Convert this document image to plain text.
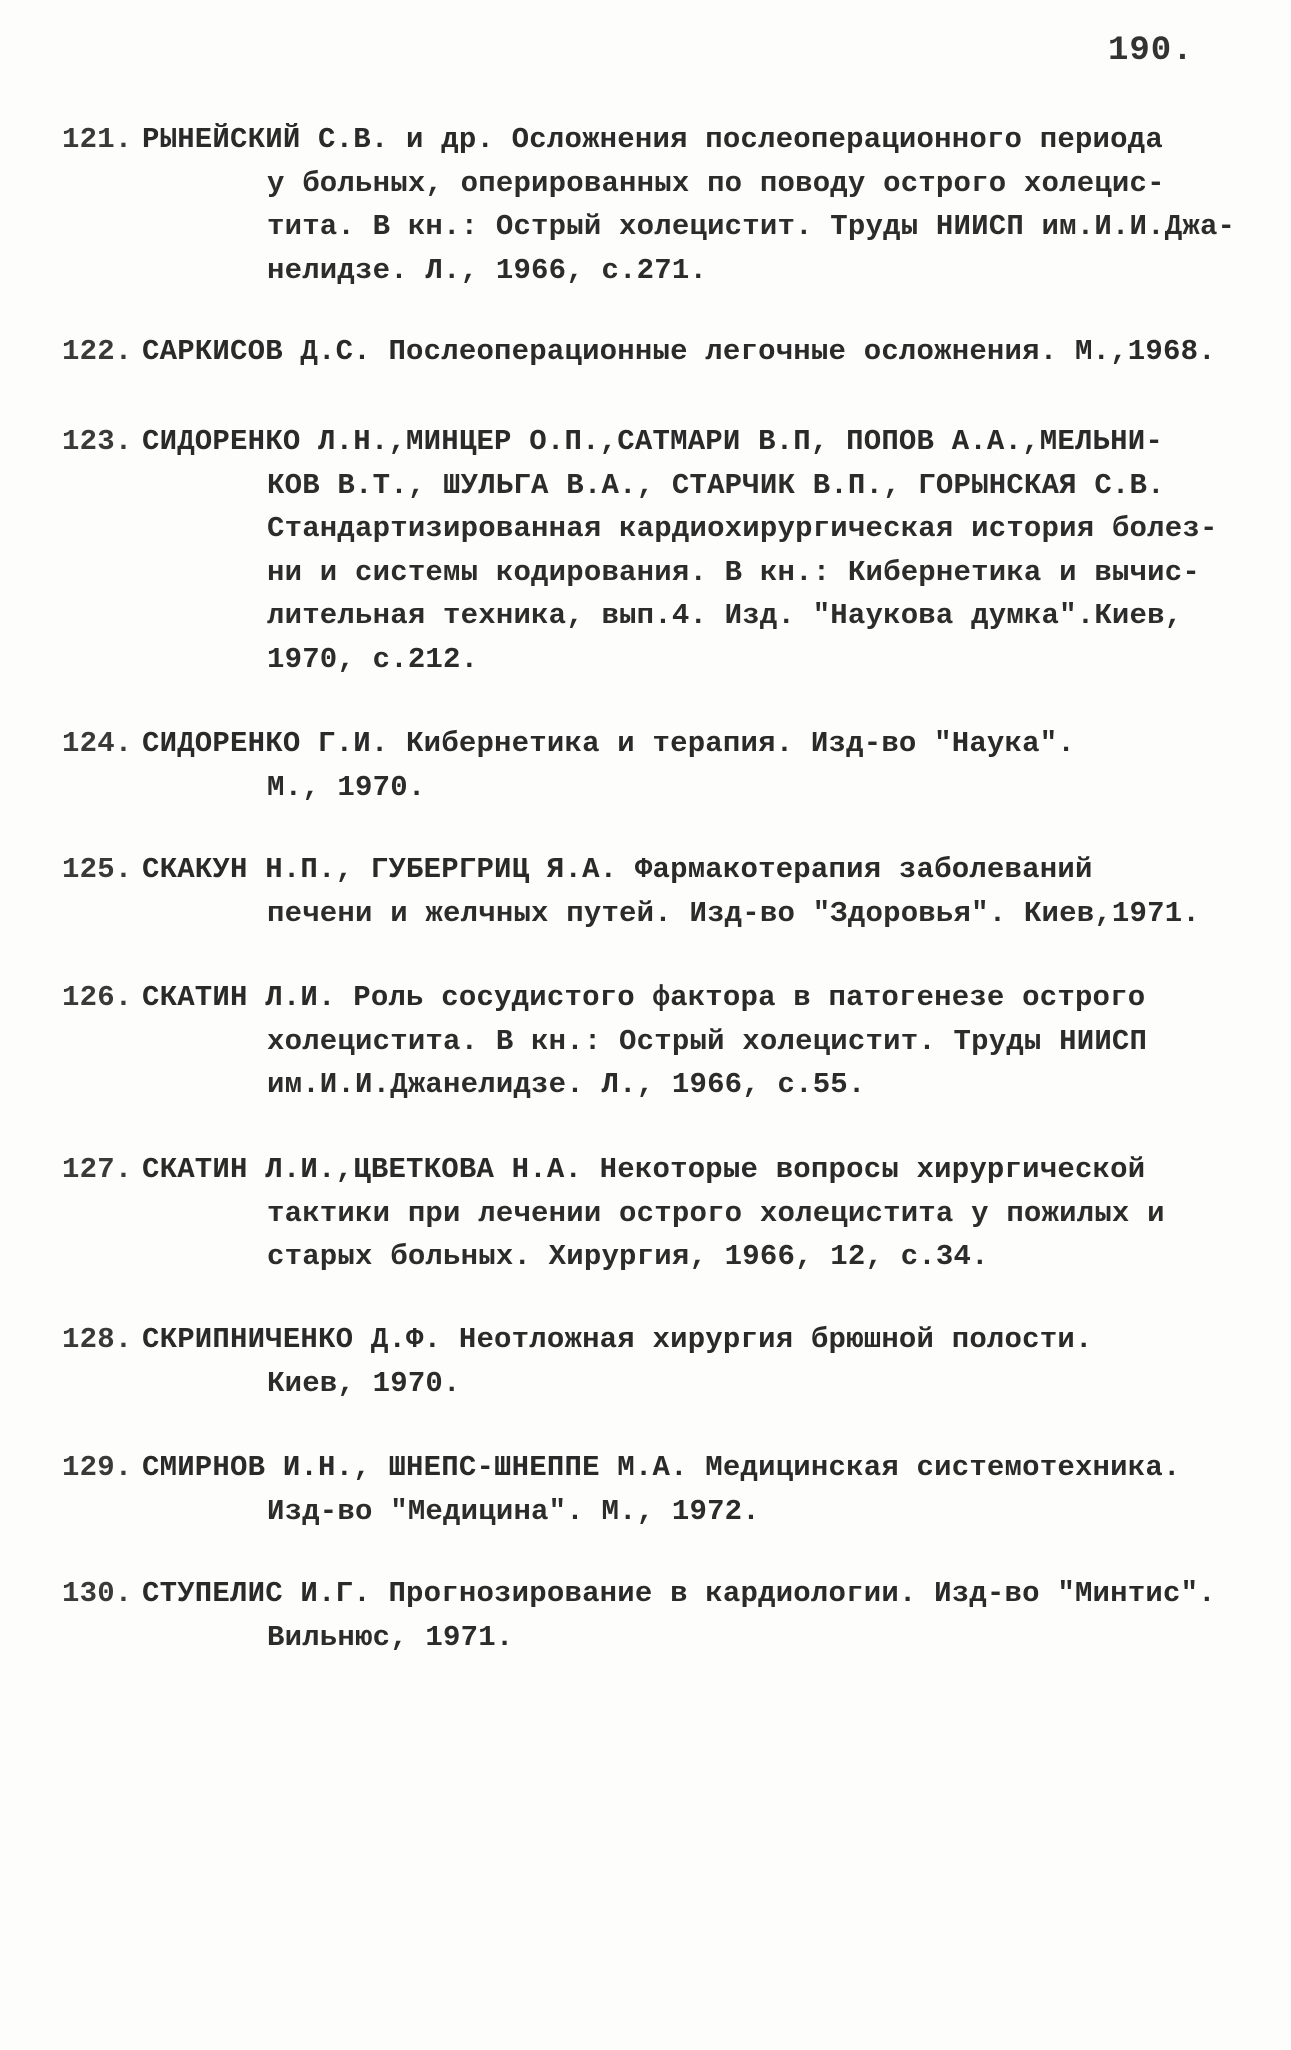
190.
121. РЫНЕЙСКИЙ С.В. и др. Осложнения послеоперационного периода
у больных, оперированных по поводу острого холецис-
тита. В кн.: Острый холецистит. Труды НИИСП им.И.И.Джа-
нелидзе. Л., 1966, с.271.
122. САРКИСОВ Д.С. Послеоперационные легочные осложнения. М.,1968.
123. СИДОРЕНКО Л.Н.,МИНЦЕР О.П.,САТМАРИ В.П, ПОПОВ А.А.,МЕЛЬНИ-
КОВ В.Т., ШУЛЬГА В.А., СТАРЧИК В.П., ГОРЫНСКАЯ С.В.
Стандартизированная кардиохирургическая история болез-
ни и системы кодирования. В кн.: Кибернетика и вычис-
лительная техника, вып.4. Изд. "Наукова думка".Киев,
1970, с.212.
124. СИДОРЕНКО Г.И. Кибернетика и терапия. Изд-во "Наука".
М., 1970.
125. СКАКУН Н.П., ГУБЕРГРИЦ Я.А. Фармакотерапия заболеваний
печени и желчных путей. Изд-во "Здоровья". Киев,1971.
126. СКАТИН Л.И. Роль сосудистого фактора в патогенезе острого
холецистита. В кн.: Острый холецистит. Труды НИИСП
им.И.И.Джанелидзе. Л., 1966, с.55.
127. СКАТИН Л.И.,ЦВЕТКОВА Н.А. Некоторые вопросы хирургической
тактики при лечении острого холецистита у пожилых и
старых больных. Хирургия, 1966, 12, с.34.
128. СКРИПНИЧЕНКО Д.Ф. Неотложная хирургия брюшной полости.
Киев, 1970.
129. СМИРНОВ И.Н., ШНЕПС-ШНЕППЕ М.А. Медицинская системотехника.
Изд-во "Медицина". М., 1972.
130. СТУПЕЛИС И.Г. Прогнозирование в кардиологии. Изд-во "Минтис".
Вильнюс, 1971.
